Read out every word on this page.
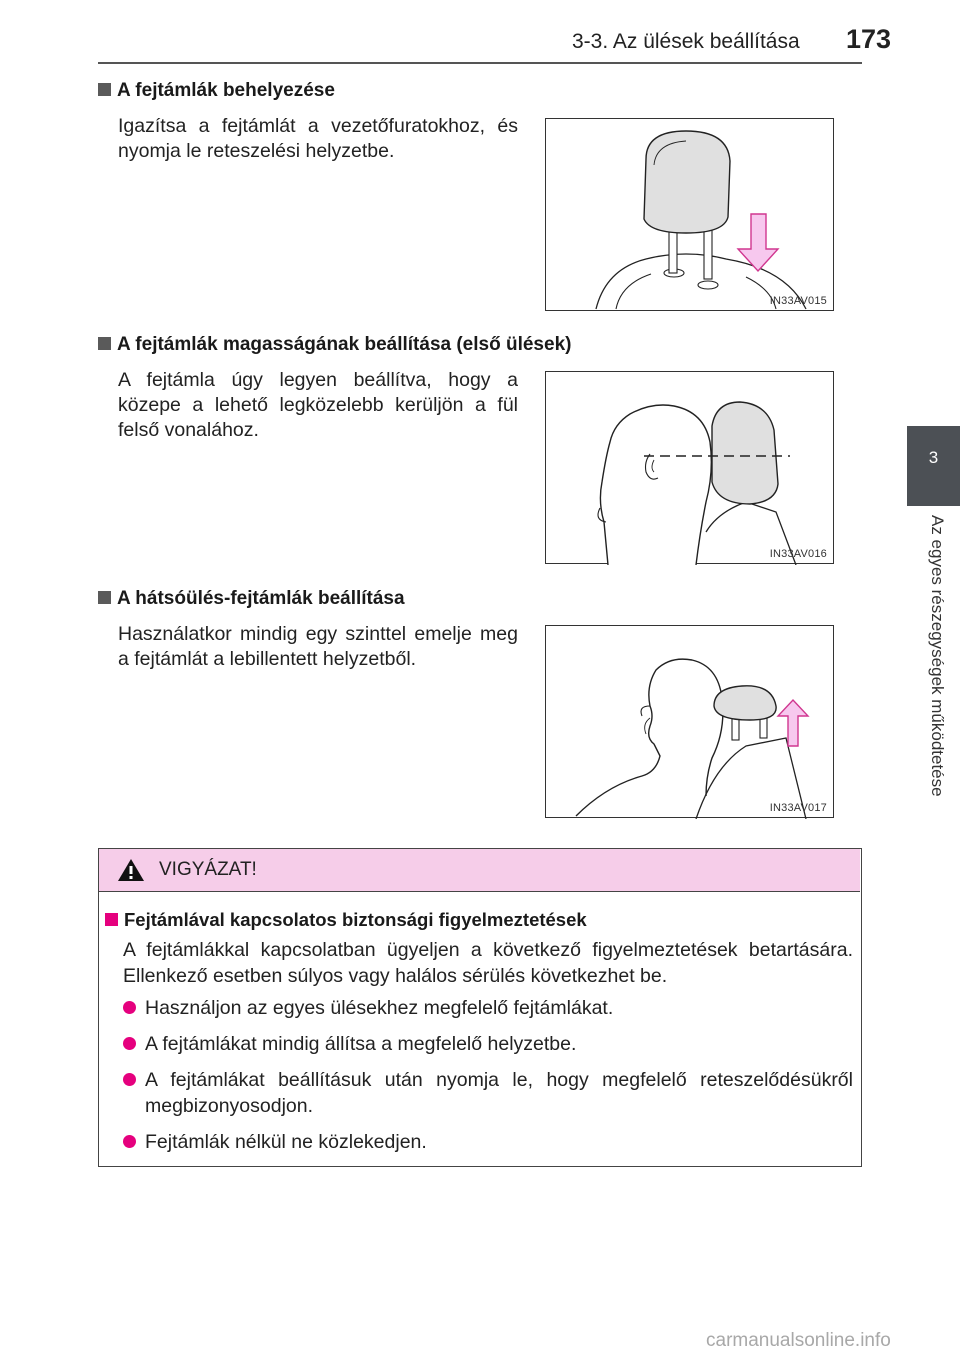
3-3. Az ülések beállítása 173
3
Az egyes részegységek működtetése
A fejtámlák behelyezése
Igazítsa a fejtámlát a vezetőfuratokhoz, és nyomja le reteszelési helyzetbe.
IN33AV015
A fejtámlák magasságának beállítása (első ülések)
A fejtámla úgy legyen beállítva, hogy a közepe a lehető legközelebb kerüljön a fül felső vonalához.
IN33AV016
A hátsóülés-fejtámlák beállítása
Használatkor mindig egy szinttel emelje meg a fejtámlát a lebillentett helyzetből.
IN33AV017
VIGYÁZAT!
Fejtámlával kapcsolatos biztonsági figyelmeztetések
A fejtámlákkal kapcsolatban ügyeljen a következő figyelmeztetések betartására. Ellenkező esetben súlyos vagy halálos sérülés következhet be.
Használjon az egyes ülésekhez megfelelő fejtámlákat.
A fejtámlákat mindig állítsa a megfelelő helyzetbe.
A fejtámlákat beállításuk után nyomja le, hogy megfelelő reteszelődésükről megbizonyosodjon.
Fejtámlák nélkül ne közlekedjen.
carmanualsonline.info
